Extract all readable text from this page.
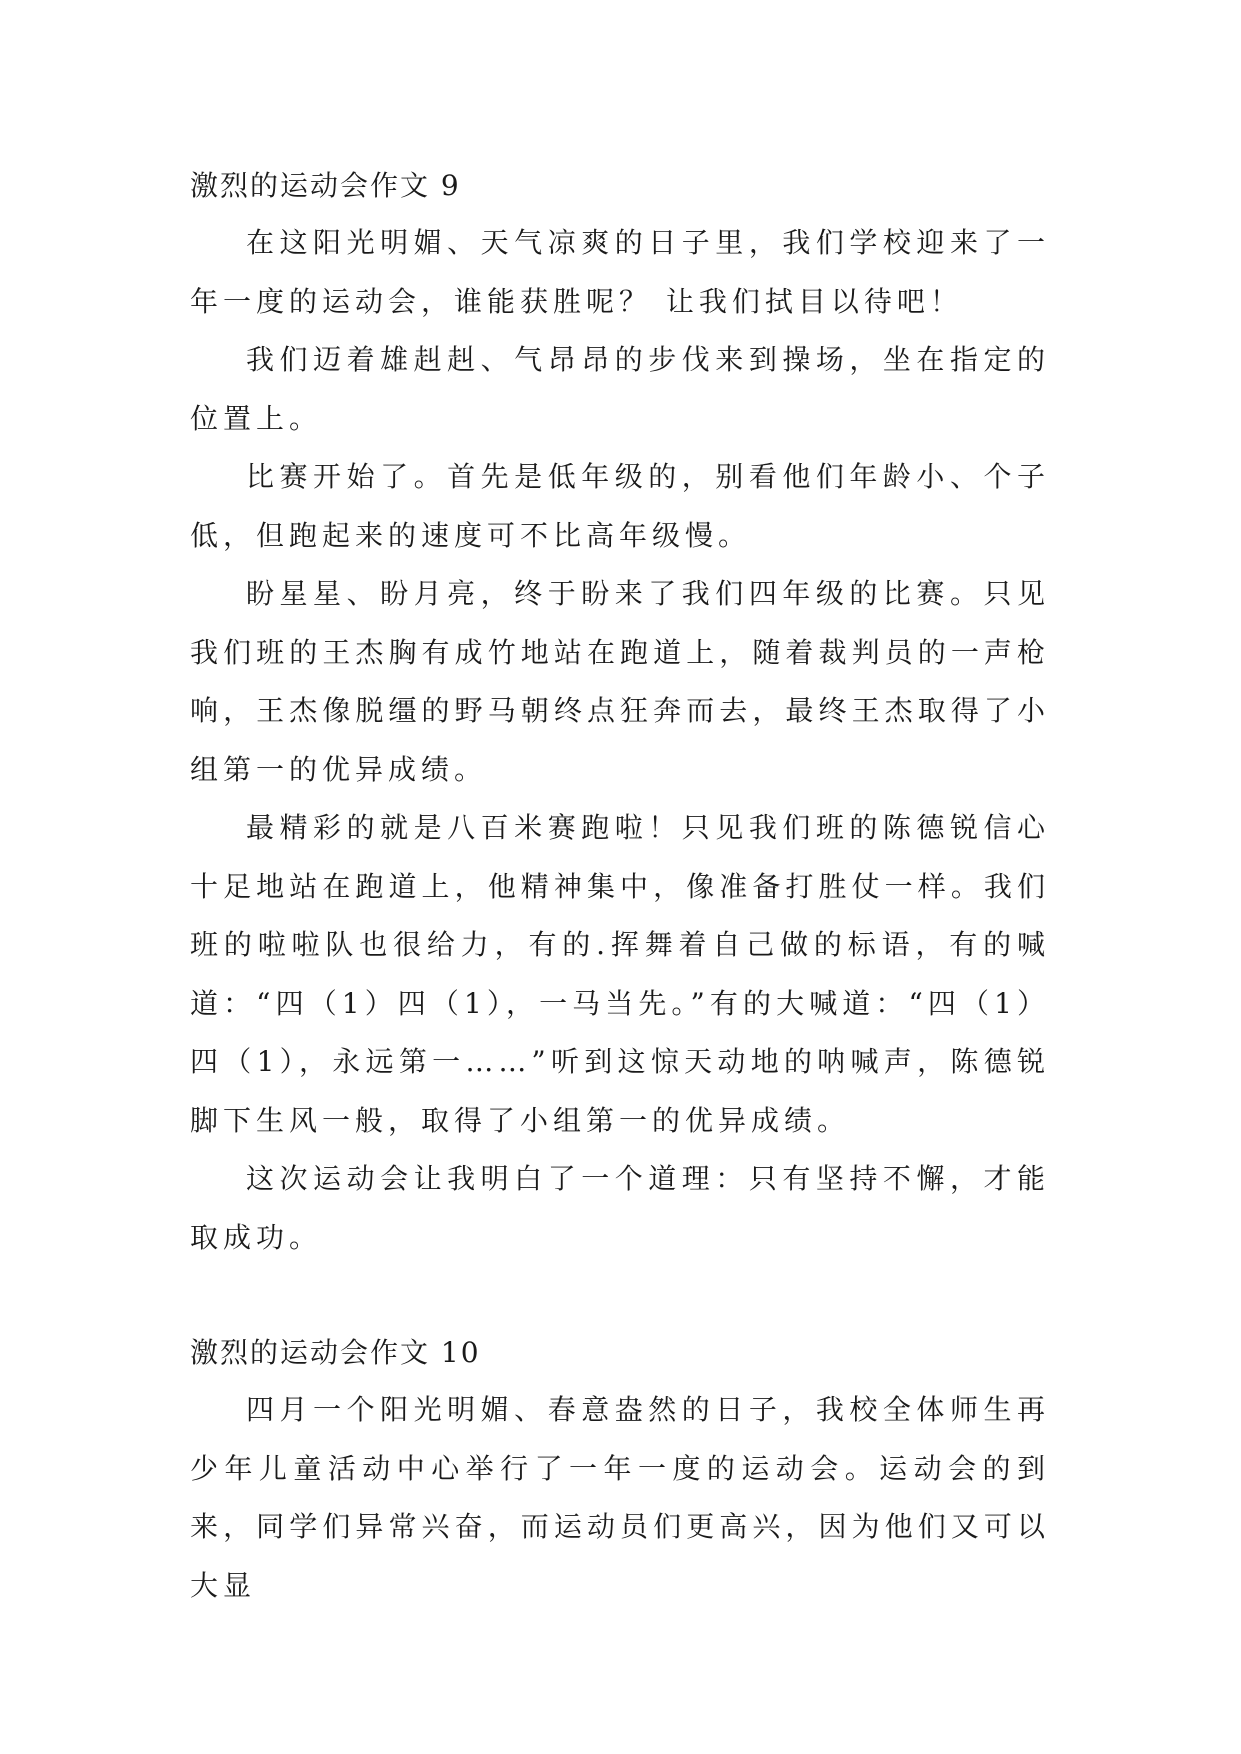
激烈的运动会作文 9

在这阳光明媚、天气凉爽的日子里，我们学校迎来了一年一度的运动会，谁能获胜呢？ 让我们拭目以待吧！

我们迈着雄赳赳、气昂昂的步伐来到操场，坐在指定的位置上。

比赛开始了。首先是低年级的，别看他们年龄小、个子低，但跑起来的速度可不比高年级慢。

盼星星、盼月亮，终于盼来了我们四年级的比赛。只见我们班的王杰胸有成竹地站在跑道上，随着裁判员的一声枪响，王杰像脱缰的野马朝终点狂奔而去，最终王杰取得了小组第一的优异成绩。

最精彩的就是八百米赛跑啦！只见我们班的陈德锐信心十足地站在跑道上，他精神集中，像准备打胜仗一样。我们班的啦啦队也很给力，有的.挥舞着自己做的标语，有的喊道：“四（1）四（1），一马当先。”有的大喊道：“四（1）四（1），永远第一……”听到这惊天动地的呐喊声，陈德锐脚下生风一般，取得了小组第一的优异成绩。

这次运动会让我明白了一个道理：只有坚持不懈，才能取成功。

激烈的运动会作文 10

四月一个阳光明媚、春意盎然的日子，我校全体师生再少年儿童活动中心举行了一年一度的运动会。运动会的到来，同学们异常兴奋，而运动员们更高兴，因为他们又可以大显
